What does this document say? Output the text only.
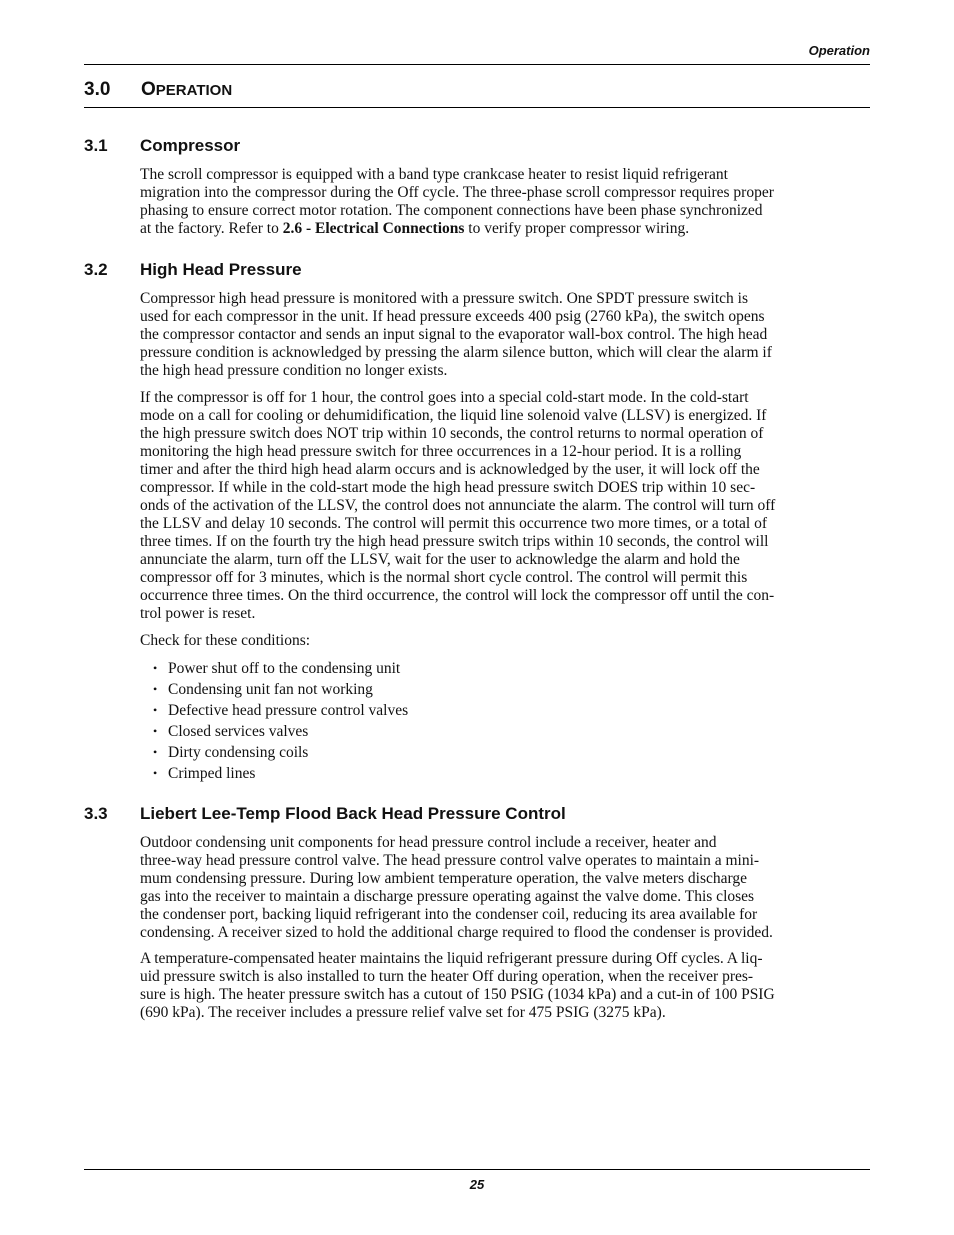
Operation
3.0 OPERATION
3.1 Compressor
The scroll compressor is equipped with a band type crankcase heater to resist liquid refrigerant
migration into the compressor during the Off cycle. The three-phase scroll compressor requires proper
phasing to ensure correct motor rotation. The component connections have been phase synchronized
at the factory. Refer to 2.6 - Electrical Connections to verify proper compressor wiring.
3.2 High Head Pressure
Compressor high head pressure is monitored with a pressure switch. One SPDT pressure switch is
used for each compressor in the unit. If head pressure exceeds 400 psig (2760 kPa), the switch opens
the compressor contactor and sends an input signal to the evaporator wall-box control. The high head
pressure condition is acknowledged by pressing the alarm silence button, which will clear the alarm if
the high head pressure condition no longer exists.
If the compressor is off for 1 hour, the control goes into a special cold-start mode. In the cold-start
mode on a call for cooling or dehumidification, the liquid line solenoid valve (LLSV) is energized. If
the high pressure switch does NOT trip within 10 seconds, the control returns to normal operation of
monitoring the high head pressure switch for three occurrences in a 12-hour period. It is a rolling
timer and after the third high head alarm occurs and is acknowledged by the user, it will lock off the
compressor. If while in the cold-start mode the high head pressure switch DOES trip within 10 sec-
onds of the activation of the LLSV, the control does not annunciate the alarm. The control will turn off
the LLSV and delay 10 seconds. The control will permit this occurrence two more times, or a total of
three times. If on the fourth try the high head pressure switch trips within 10 seconds, the control will
annunciate the alarm, turn off the LLSV, wait for the user to acknowledge the alarm and hold the
compressor off for 3 minutes, which is the normal short cycle control. The control will permit this
occurrence three times. On the third occurrence, the control will lock the compressor off until the con-
trol power is reset.
Check for these conditions:
• Power shut off to the condensing unit
• Condensing unit fan not working
• Defective head pressure control valves
• Closed services valves
• Dirty condensing coils
• Crimped lines
3.3 Liebert Lee-Temp Flood Back Head Pressure Control
Outdoor condensing unit components for head pressure control include a receiver, heater and
three-way head pressure control valve. The head pressure control valve operates to maintain a mini-
mum condensing pressure. During low ambient temperature operation, the valve meters discharge
gas into the receiver to maintain a discharge pressure operating against the valve dome. This closes
the condenser port, backing liquid refrigerant into the condenser coil, reducing its area available for
condensing. A receiver sized to hold the additional charge required to flood the condenser is provided.
A temperature-compensated heater maintains the liquid refrigerant pressure during Off cycles. A liq-
uid pressure switch is also installed to turn the heater Off during operation, when the receiver pres-
sure is high. The heater pressure switch has a cutout of 150 PSIG (1034 kPa) and a cut-in of 100 PSIG
(690 kPa). The receiver includes a pressure relief valve set for 475 PSIG (3275 kPa).
25
